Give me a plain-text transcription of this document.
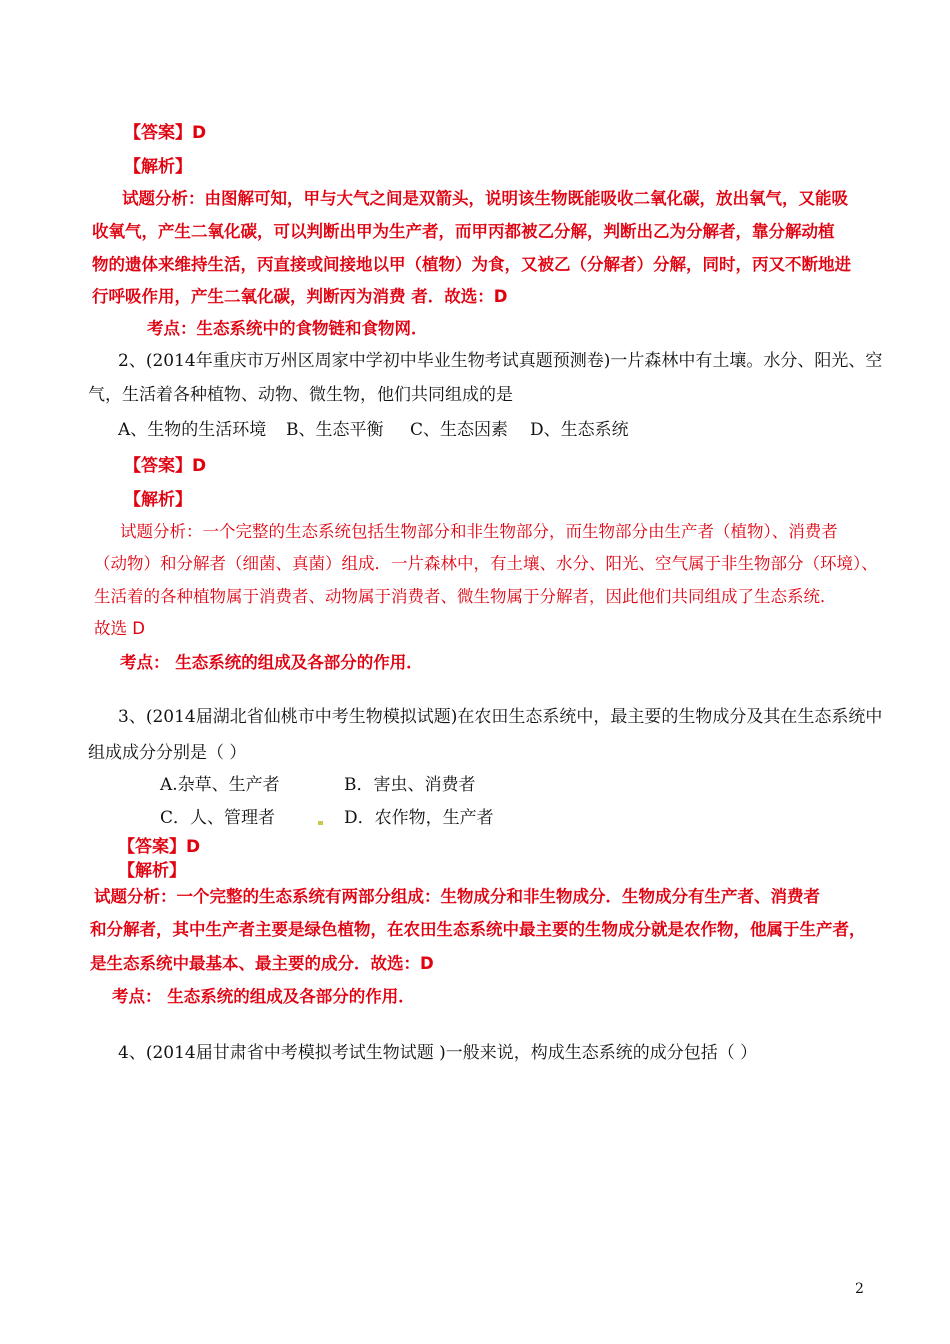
【答案】D
【解析】
试题分析：由图解可知，甲与大气之间是双箭头，说明该生物既能吸收二氧化碳，放出氧气，又能吸
收氧气，产生二氧化碳，可以判断出甲为生产者，而甲丙都被乙分解，判断出乙为分解者，靠分解动植
物的遗体来维持生活，丙直接或间接地以甲（植物）为食，又被乙（分解者）分解，同时，丙又不断地进
行呼吸作用，产生二氧化碳，判断丙为消费 者．故选：D
考点：生态系统中的食物链和食物网．
2、(2014年重庆市万州区周家中学初中毕业生物考试真题预测卷)一片森林中有土壤。水分、阳光、空
气，生活着各种植物、动物、微生物，他们共同组成的是
A、生物的生活环境 B、生态平衡 C、生态因素 D、生态系统
【答案】D
【解析】
试题分析：一个完整的生态系统包括生物部分和非生物部分，而生物部分由生产者（植物）、消费者
（动物）和分解者（细菌、真菌）组成．一片森林中，有土壤、水分、阳光、空气属于非生物部分（环境）、
生活着的各种植物属于消费者、动物属于消费者、微生物属于分解者，因此他们共同组成了生态系统．
故选 D
考点： 生态系统的组成及各部分的作用．
3、(2014届湖北省仙桃市中考生物模拟试题)在农田生态系统中，最主要的生物成分及其在生态系统中
组成成分分别是（ ）
A.杂草、生产者	B．害虫、消费者
C．人、管理者	D．农作物，生产者
【答案】D
【解析】
试题分析：一个完整的生态系统有两部分组成：生物成分和非生物成分．生物成分有生产者、消费者
和分解者，其中生产者主要是绿色植物，在农田生态系统中最主要的生物成分就是农作物，他属于生产者，
是生态系统中最基本、最主要的成分．故选：D
考点： 生态系统的组成及各部分的作用．
4、(2014届甘肃省中考模拟考试生物试题 )一般来说，构成生态系统的成分包括（ ）
2
